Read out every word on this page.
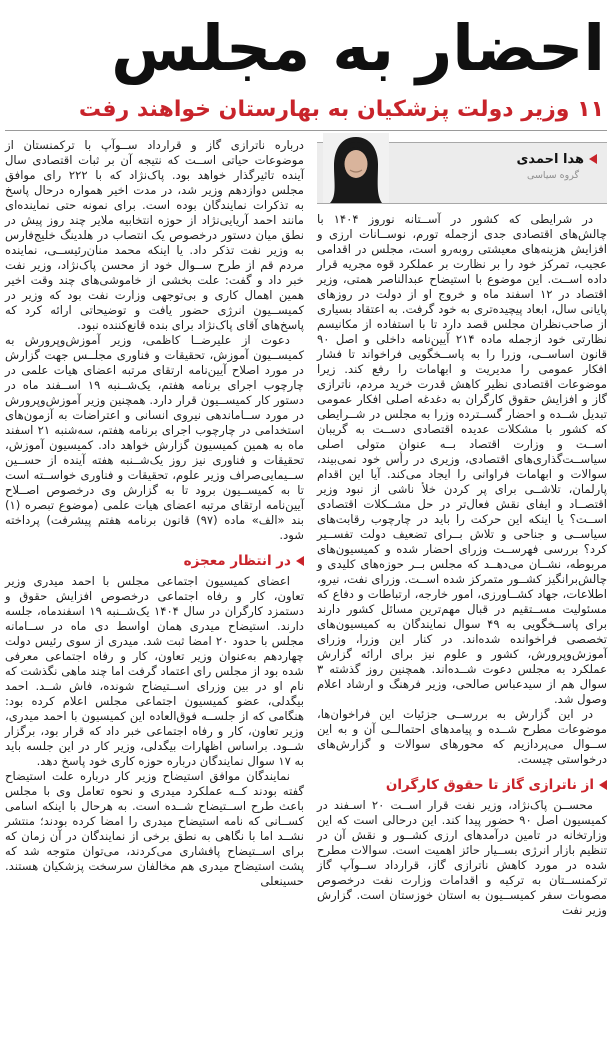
احضار به مجلس
۱۱ وزیر دولت پزشکیان به بهارستان خواهند رفت
هدا احمدی
گروه سیاسی

در شرایطی که کشور در آســتانه نوروز ۱۴۰۴ با چالش‌های اقتصادی جدی ازجمله تورم، نوســانات ارزی و افزایش هزینه‌های معیشتی روبه‌رو است، مجلس در اقدامی عجیب، تمرکز خود را بر نظارت بر عملکرد قوه مجریه قرار داده اســت. این موضوع با استیضاح عبدالناصر همتی، وزیر اقتصاد در ۱۲ اسفند ماه و خروج او از دولت در روزهای پایانی سال، ابعاد پیچیده‌تری به خود گرفت. به اعتقاد بسیاری از صاحب‌نظران مجلس قصد دارد تا با استفاده از مکانیسم نظارتی خود ازجمله ماده ۲۱۴ آیین‌نامه داخلی و اصل ۹۰ قانون اساســی، وزرا را به پاســخگویی فراخواند تا فشار افکار عمومی را مدیریت و ابهامات را رفع کند. زیرا موضوعات اقتصادی نظیر کاهش قدرت خرید مردم، ناترازی گاز و افزایش حقوق کارگران به دغدغه اصلی افکار عمومی تبدیل شــده و احضار گســترده وزرا به مجلس در شــرایطی که کشور با مشکلات عدیده اقتصادی دســت به گریبان اســت و وزارت اقتصاد بــه عنوان متولی اصلی سیاســت‌گذاری‌های اقتصادی، وزیری در رأس خود نمی‌بیند، سوالات و ابهامات فراوانی را ایجاد می‌کند. آیا این اقدام پارلمان، تلاشــی برای پر کردن خلأ ناشی از نبود وزیر اقتصــاد و ایفای نقش فعال‌تر در حل مشــکلات اقتصادی اســت؟ یا اینکه این حرکت را باید در چارچوب رقابت‌های سیاســی و جناحی و تلاش بــرای تضعیف دولت تفســیر کرد؟ بررسی فهرســت وزرای احضار شده و کمیسیون‌های مربوطه، نشــان می‌دهــد که مجلس بــر حوزه‌های کلیدی و چالش‌برانگیز کشــور متمرکز شده اســت. وزرای نفت، نیرو، اطلاعات، جهاد کشــاورزی، امور خارجه، ارتباطات و دفاع که مسئولیت مســتقیم در قبال مهم‌ترین مسائل کشور دارند برای پاســخگویی به ۴۹ سوال نمایندگان به کمیسیون‌های تخصصی فراخوانده شده‌اند. در کنار این وزرا، وزرای آموزش‌وپرورش، کشور و علوم نیز برای ارائه گزارش عملکرد به مجلس دعوت شــده‌اند. همچنین روز گذشته ۳ سوال هم از سیدعباس صالحی، وزیر فرهنگ و ارشاد اعلام وصول شد.

در این گزارش به بررســی جزئیات این فراخوان‌ها، موضوعات مطرح شــده و پیامدهای احتمالــی آن و به این ســوال می‌پردازیم که محورهای سوالات و گزارش‌های درخواستی چیست.

از ناترازی گاز تا حقوق کارگران

محســن پاک‌نژاد، وزیر نفت قرار اســت ۲۰ اسـفند در کمیسیون اصل ۹۰ حضور پیدا کند. این درحالی است که این وزارتخانه در تامین درآمدهای ارزی کشــور و نقش آن در تنظیم بازار انرژی بســیار حائز اهمیت است. سوالات مطرح شده در مورد کاهش ناترازی گاز، قرارداد ســوآپ گاز ترکمنســتان به ترکیه و اقدامات وزارت نفت درخصوص مصوبات سفر کمیســیون به استان خوزستان است. گزارش وزیر نفت

درباره ناترازی گاز و قرارداد ســوآپ با ترکمنستان از موضوعات حیاتی اســت که نتیجه آن بر ثبات اقتصادی سال آینده تاثیرگذار خواهد بود. پاک‌نژاد که با ۲۲۲ رای موافق مجلس دوازدهم وزیر شد، در مدت اخیر همواره درحال پاسخ به تذکرات نمایندگان بوده است. برای نمونه حتی نماینده‌ای مانند احمد آریایی‌نژاد از حوزه انتخابیه ملایر چند روز پیش در نطق میان دستور درخصوص یک انتصاب در هلدینگ خلیج‌فارس به وزیر نفت تذکر داد. یا اینکه محمد منان‌رئیســی، نماینده مردم قم از طرح ســوال خود از محسن پاک‌نژاد، وزیر نفت خبر داد و گفت: علت بخشی از خاموشی‌های چند وقت اخیر همین اهمال کاری و بی‌توجهی وزارت نفت بود که وزیر در کمیســیون انرژی حضور یافت و توضیحاتی ارائه کرد که پاسخ‌های آقای پاک‌نژاد برای بنده قانع‌کننده نبود.

دعوت از علیرضــا کاظمی، وزیر آموزش‌وپرورش به کمیســیون آموزش، تحقیقات و فناوری مجلــس جهت گزارش در مورد اصلاح آیین‌نامه ارتقای مرتبه اعضای هیات علمی در چارچوب اجرای برنامه هفتم، یک‌شــنبه ۱۹ اســفند ماه در دستور کار کمیســیون قرار دارد. همچنین وزیر آموزش‌وپرورش در مورد ســاماندهی نیروی انسانی و اعتراضات به آزمون‌های استخدامی در چارچوب اجرای برنامه هفتم، سه‌شنبه ۲۱ اسفند ماه به همین کمیسیون گزارش خواهد داد. کمیسیون آموزش، تحقیقات و فناوری نیز روز یک‌شــنبه هفته آینده از حســین ســیمایی‌صراف وزیر علوم، تحقیقات و فناوری خواســته است تا به کمیســیون برود تا به گزارش وی درخصوص اصــلاح آیین‌نامه ارتقای مرتبه اعضای هیات علمی (موضوع تبصره (۱) بند «الف» ماده (۹۷) قانون برنامه هفتم پیشرفت) پرداخته شود.

در انتظار معجزه

اعضای کمیسیون اجتماعی مجلس با احمد میدری وزیر تعاون، کار و رفاه اجتماعی درخصوص افزایش حقوق و دستمزد کارگران در سال ۱۴۰۴ یک‌شــنبه ۱۹ اسفندماه، جلسه دارند. استیضاح میدری همان اواسط دی ماه در ســامانه مجلس با حدود ۲۰ امضا ثبت شد. میدری از سوی رئیس دولت چهاردهم به‌عنوان وزیر تعاون، کار و رفاه اجتماعی معرفی شده بود از مجلس رای اعتماد گرفت اما چند ماهی نگذشت که نام او در بین وزرای اســتیضاح شونده، فاش شــد. احمد بیگدلی، عضو کمیسیون اجتماعی مجلس اعلام کرده بود: هنگامی که از جلســه فوق‌العاده این کمیسیون با احمد میدری، وزیر تعاون، کار و رفاه اجتماعی خبر داد که قرار بود، برگزار شــود. براساس اظهارات بیگدلی، وزیر کار در این جلسه باید به ۱۷ سوال نمایندگان درباره حوزه کاری خود پاسخ دهد.

نمایندگان موافق استیضاح وزیر کار درباره علت استیضاح گفته بودند کــه عملکرد میدری و نحوه تعامل وی با مجلس باعث طرح اســتیضاح شــده است. به هرحال با اینکه اسامی کســانی که نامه استیضاح میدری را امضا کرده بودند؛ منتشر نشــد اما با نگاهی به نطق برخی از نمایندگان در آن زمان که برای اســتیضاح پافشاری می‌کردند، می‌توان متوجه شد که پشت استیضاح میدری هم مخالفان سرسخت پزشکیان هستند. حسینعلی
